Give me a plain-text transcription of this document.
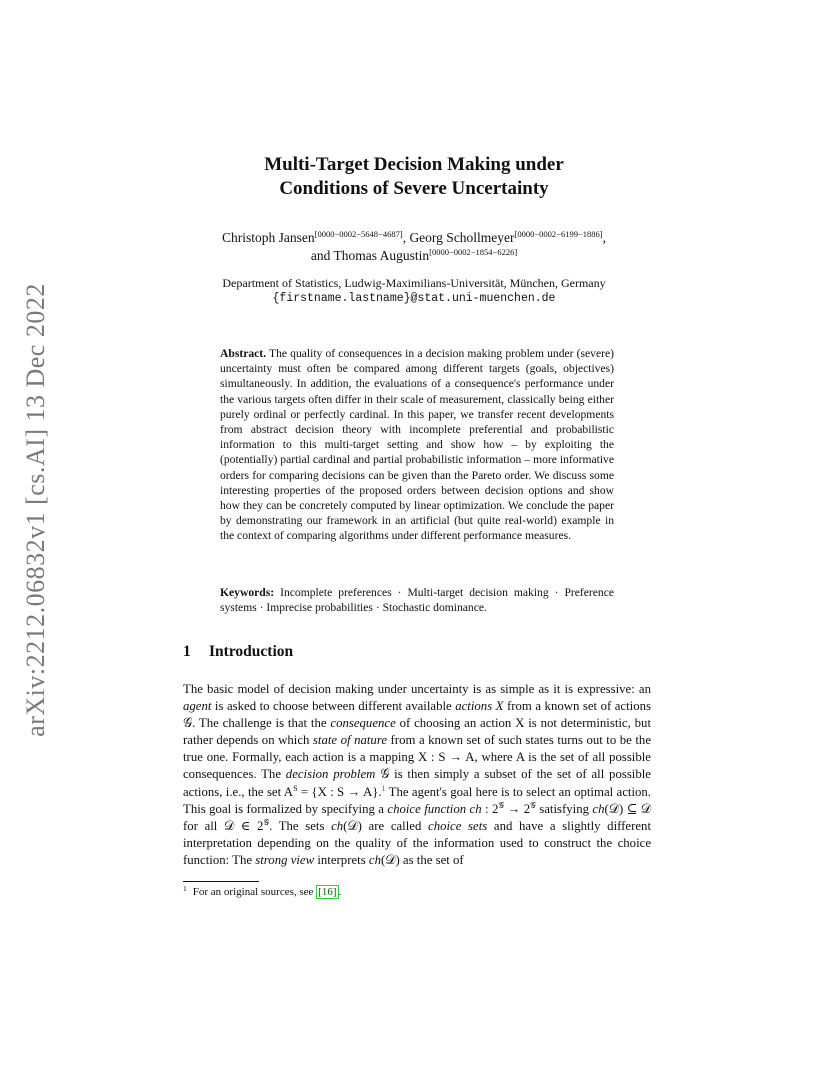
arXiv:2212.06832v1 [cs.AI] 13 Dec 2022
Multi-Target Decision Making under
Conditions of Severe Uncertainty
Christoph Jansen[0000−0002−5648−4687], Georg Schollmeyer[0000−0002−6199−1886],
and Thomas Augustin[0000−0002−1854−6226]
Department of Statistics, Ludwig-Maximilians-Universität, München, Germany
{firstname.lastname}@stat.uni-muenchen.de
Abstract. The quality of consequences in a decision making problem under (severe) uncertainty must often be compared among different targets (goals, objectives) simultaneously. In addition, the evaluations of a consequence's performance under the various targets often differ in their scale of measurement, classically being either purely ordinal or perfectly cardinal. In this paper, we transfer recent developments from abstract decision theory with incomplete preferential and probabilistic information to this multi-target setting and show how – by exploiting the (potentially) partial cardinal and partial probabilistic information – more informative orders for comparing decisions can be given than the Pareto order. We discuss some interesting properties of the proposed orders between decision options and show how they can be concretely computed by linear optimization. We conclude the paper by demonstrating our framework in an artificial (but quite real-world) example in the context of comparing algorithms under different performance measures.
Keywords: Incomplete preferences · Multi-target decision making · Preference systems · Imprecise probabilities · Stochastic dominance.
1 Introduction
The basic model of decision making under uncertainty is as simple as it is expressive: an agent is asked to choose between different available actions X from a known set of actions 𝒢. The challenge is that the consequence of choosing an action X is not deterministic, but rather depends on which state of nature from a known set of such states turns out to be the true one. Formally, each action is a mapping X : S → A, where A is the set of all possible consequences. The decision problem 𝒢 is then simply a subset of the set of all possible actions, i.e., the set $A^S = \{X$ : S → A}.$^1$ The agent's goal here is to select an optimal action. This goal is formalized by specifying a choice function ch : $2^𝒢 \to 2^𝒢$ satisfying ch(𝒟) ⊆ 𝒟 for all 𝒟 ∈ $2^𝒢$. The sets ch(𝒟) are called choice sets and have a slightly different interpretation depending on the quality of the information used to construct the choice function: The strong view interprets ch(𝒟) as the set of
$^1$ For an original sources, see [16] .
